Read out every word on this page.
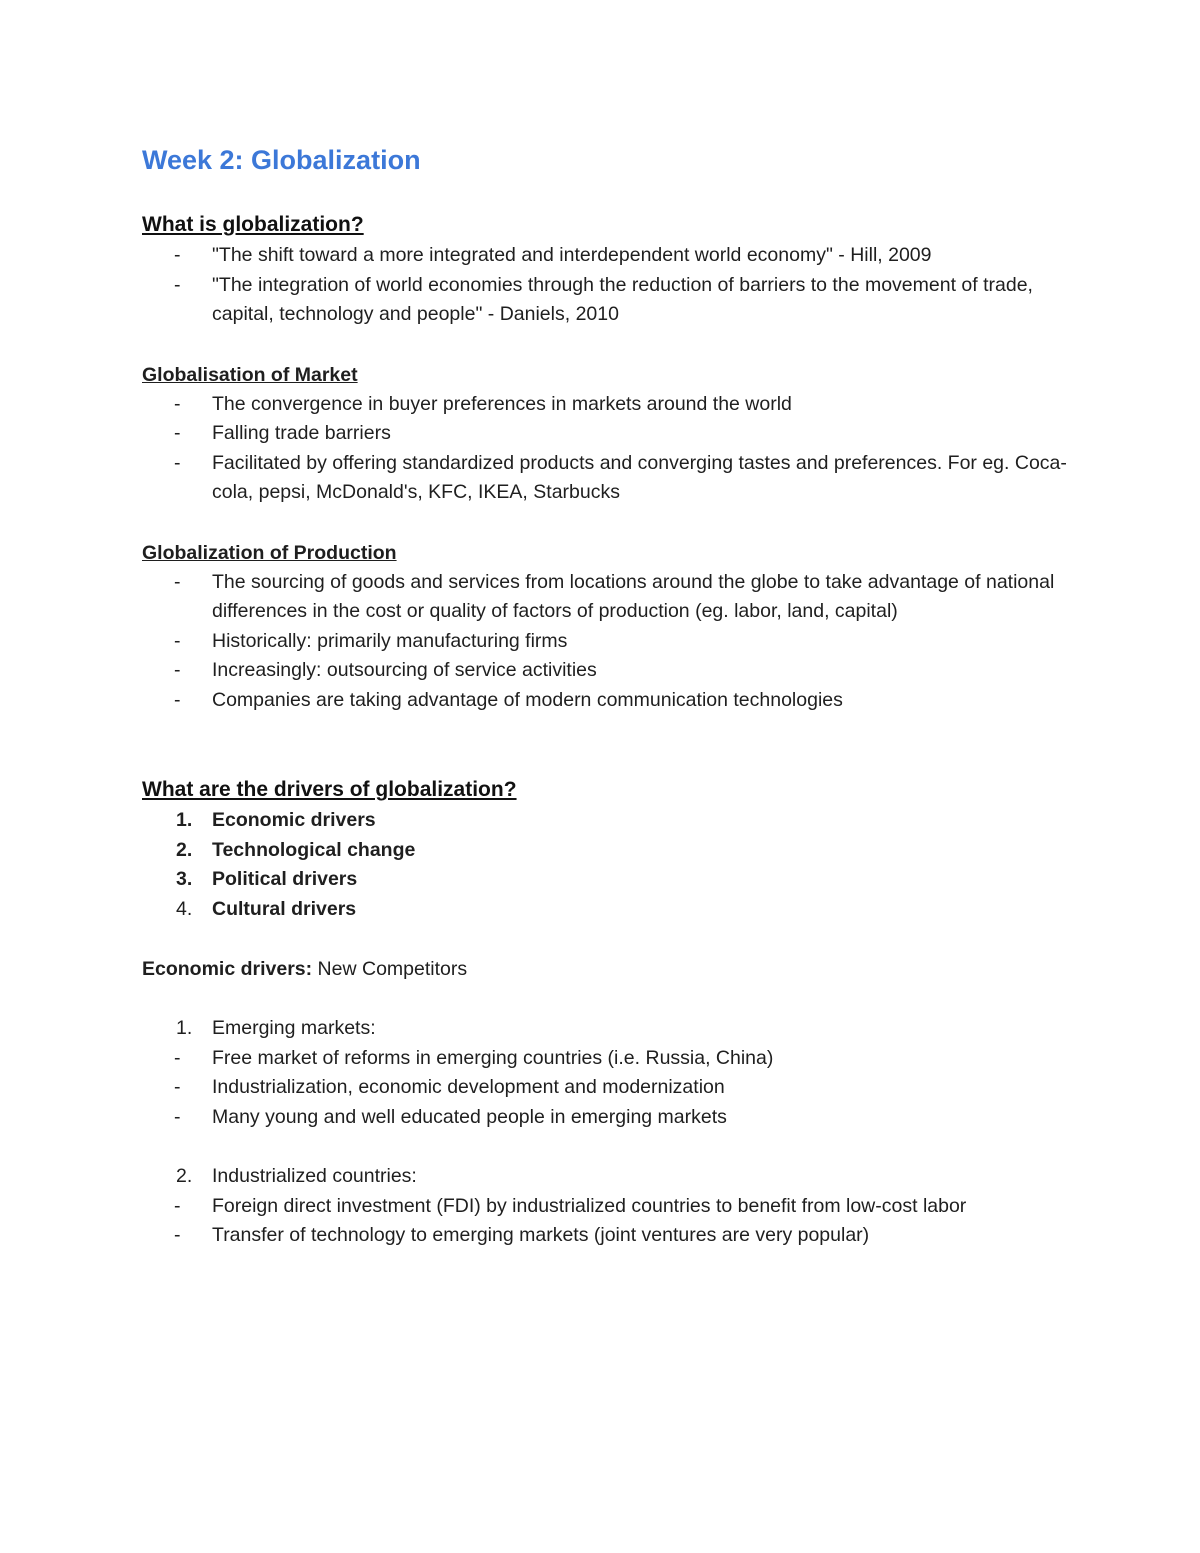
Week 2: Globalization
What is globalization?
- "The shift toward a more integrated and interdependent world economy" - Hill, 2009
- "The integration of world economies through the reduction of barriers to the movement of trade, capital, technology and people" - Daniels, 2010
Globalisation of Market
- The convergence in buyer preferences in markets around the world
- Falling trade barriers
- Facilitated by offering standardized products and converging tastes and preferences. For eg. Coca-cola, pepsi, McDonald's, KFC, IKEA, Starbucks
Globalization of Production
- The sourcing of goods and services from locations around the globe to take advantage of national differences in the cost or quality of factors of production (eg. labor, land, capital)
- Historically: primarily manufacturing firms
- Increasingly: outsourcing of service activities
- Companies are taking advantage of modern communication technologies
What are the drivers of globalization?
1. Economic drivers
2. Technological change
3. Political drivers
4. Cultural drivers

Economic drivers: New Competitors

1. Emerging markets:
- Free market of reforms in emerging countries (i.e. Russia, China)
- Industrialization, economic development and modernization
- Many young and well educated people in emerging markets
2. Industrialized countries:
- Foreign direct investment (FDI) by industrialized countries to benefit from low-cost labor
- Transfer of technology to emerging markets (joint ventures are very popular)
